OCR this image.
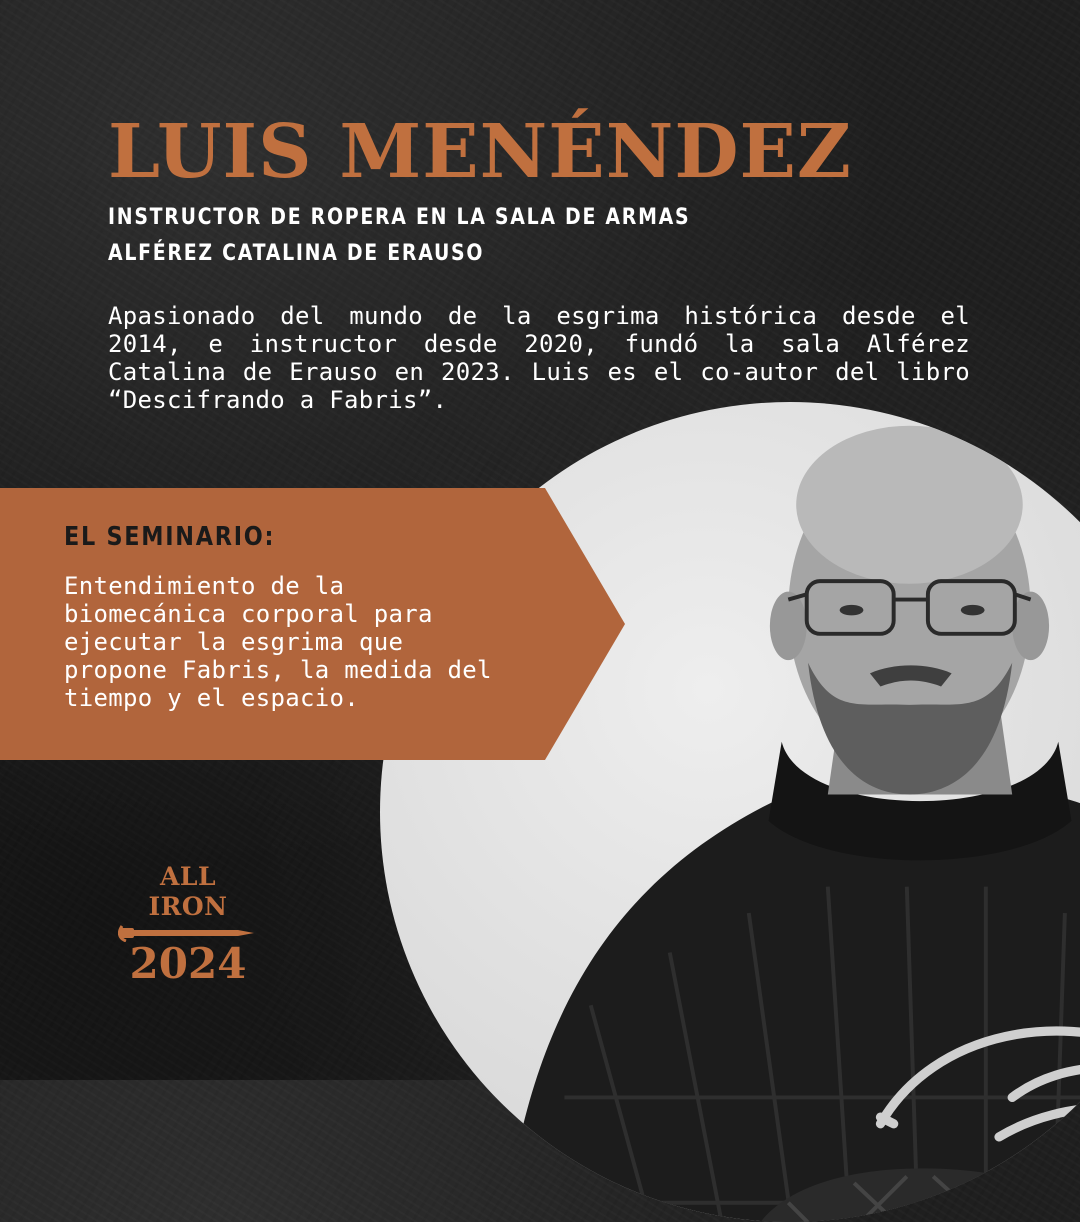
LUIS MENÉNDEZ
INSTRUCTOR DE ROPERA EN LA SALA DE ARMAS ALFÉREZ CATALINA DE ERAUSO

Apasionado del mundo de la esgrima histórica desde el 2014, e instructor desde 2020, fundó la sala Alférez Catalina de Erauso en 2023. Luis es el co-autor del libro “Descifrando a Fabris”.

EL SEMINARIO:
Entendimiento de la biomecánica corporal para ejecutar la esgrima que propone Fabris, la medida del tiempo y el espacio.
ALL IRON
2024
